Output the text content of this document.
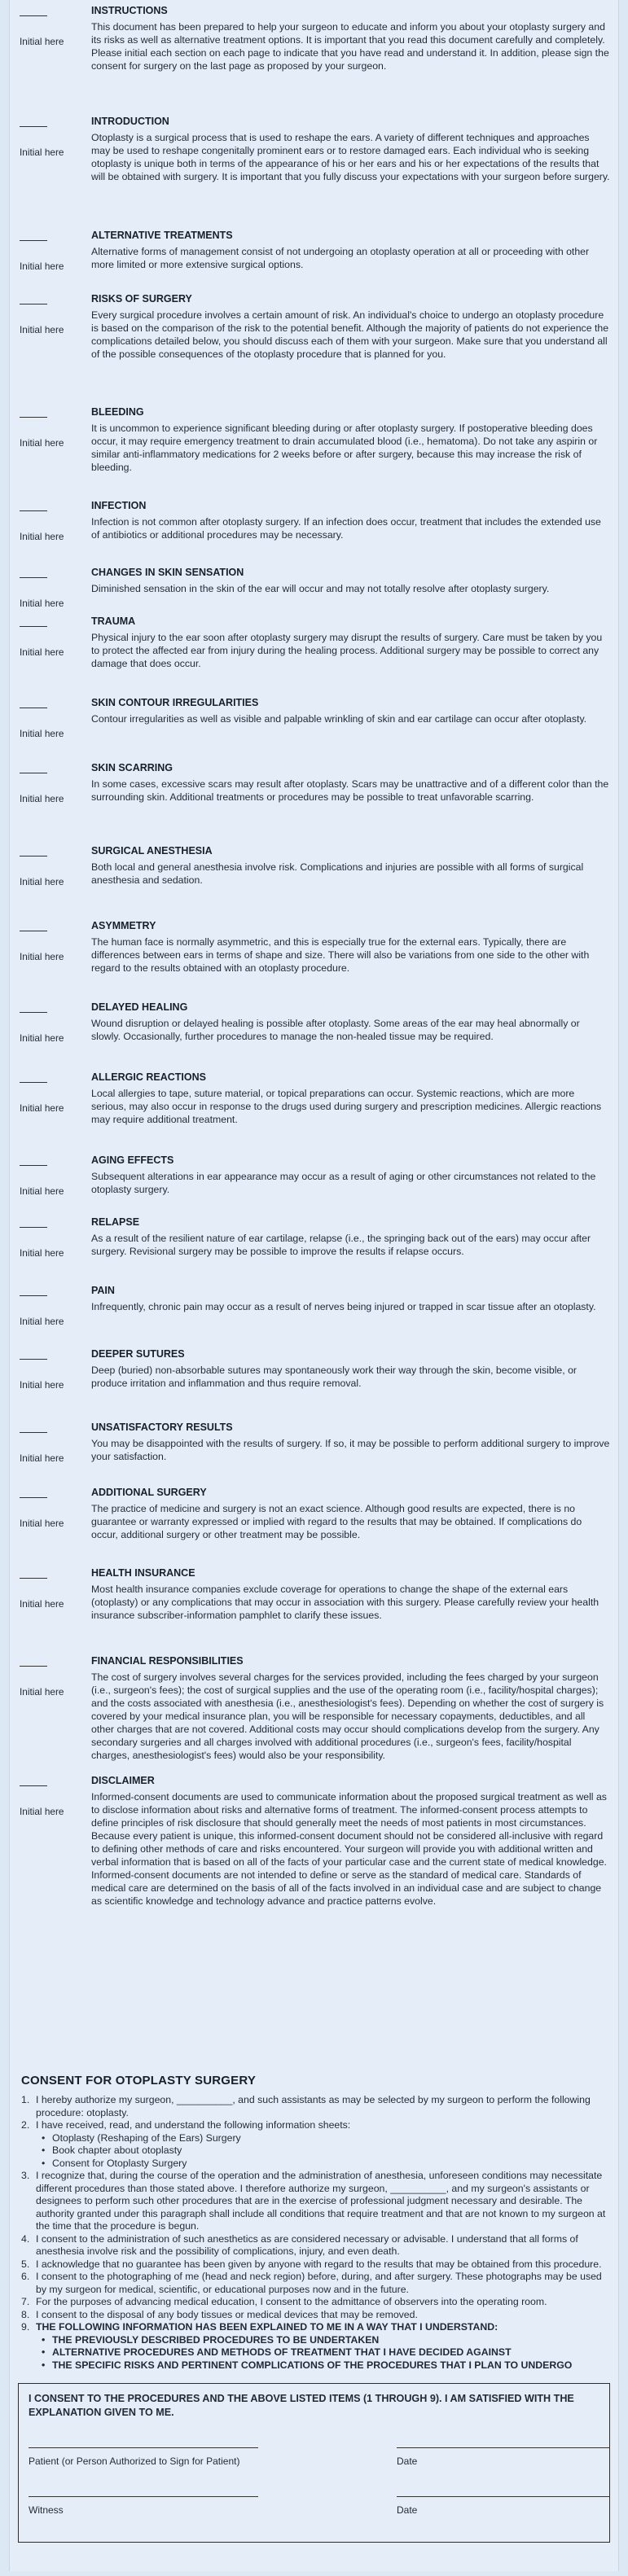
INSTRUCTIONS
Initial here
This document has been prepared to help your surgeon to educate and inform you about your otoplasty surgery and its risks as well as alternative treatment options. It is important that you read this document carefully and completely. Please initial each section on each page to indicate that you have read and understand it. In addition, please sign the consent for surgery on the last page as proposed by your surgeon.
INTRODUCTION
Initial here
Otoplasty is a surgical process that is used to reshape the ears. A variety of different techniques and approaches may be used to reshape congenitally prominent ears or to restore damaged ears. Each individual who is seeking otoplasty is unique both in terms of the appearance of his or her ears and his or her expectations of the results that will be obtained with surgery. It is important that you fully discuss your expectations with your surgeon before surgery.
ALTERNATIVE TREATMENTS
Initial here
Alternative forms of management consist of not undergoing an otoplasty operation at all or proceeding with other more limited or more extensive surgical options.
RISKS OF SURGERY
Initial here
Every surgical procedure involves a certain amount of risk. An individual's choice to undergo an otoplasty procedure is based on the comparison of the risk to the potential benefit. Although the majority of patients do not experience the complications detailed below, you should discuss each of them with your surgeon. Make sure that you understand all of the possible consequences of the otoplasty procedure that is planned for you.
BLEEDING
Initial here
It is uncommon to experience significant bleeding during or after otoplasty surgery. If postoperative bleeding does occur, it may require emergency treatment to drain accumulated blood (i.e., hematoma). Do not take any aspirin or similar anti-inflammatory medications for 2 weeks before or after surgery, because this may increase the risk of bleeding.
INFECTION
Initial here
Infection is not common after otoplasty surgery. If an infection does occur, treatment that includes the extended use of antibiotics or additional procedures may be necessary.
CHANGES IN SKIN SENSATION
Initial here
Diminished sensation in the skin of the ear will occur and may not totally resolve after otoplasty surgery.
TRAUMA
Initial here
Physical injury to the ear soon after otoplasty surgery may disrupt the results of surgery. Care must be taken by you to protect the affected ear from injury during the healing process. Additional surgery may be possible to correct any damage that does occur.
SKIN CONTOUR IRREGULARITIES
Initial here
Contour irregularities as well as visible and palpable wrinkling of skin and ear cartilage can occur after otoplasty.
SKIN SCARRING
Initial here
In some cases, excessive scars may result after otoplasty. Scars may be unattractive and of a different color than the surrounding skin. Additional treatments or procedures may be possible to treat unfavorable scarring.
SURGICAL ANESTHESIA
Initial here
Both local and general anesthesia involve risk. Complications and injuries are possible with all forms of surgical anesthesia and sedation.
ASYMMETRY
Initial here
The human face is normally asymmetric, and this is especially true for the external ears. Typically, there are differences between ears in terms of shape and size. There will also be variations from one side to the other with regard to the results obtained with an otoplasty procedure.
DELAYED HEALING
Initial here
Wound disruption or delayed healing is possible after otoplasty. Some areas of the ear may heal abnormally or slowly. Occasionally, further procedures to manage the non-healed tissue may be required.
ALLERGIC REACTIONS
Initial here
Local allergies to tape, suture material, or topical preparations can occur. Systemic reactions, which are more serious, may also occur in response to the drugs used during surgery and prescription medicines. Allergic reactions may require additional treatment.
AGING EFFECTS
Initial here
Subsequent alterations in ear appearance may occur as a result of aging or other circumstances not related to the otoplasty surgery.
RELAPSE
Initial here
As a result of the resilient nature of ear cartilage, relapse (i.e., the springing back out of the ears) may occur after surgery. Revisional surgery may be possible to improve the results if relapse occurs.
PAIN
Initial here
Infrequently, chronic pain may occur as a result of nerves being injured or trapped in scar tissue after an otoplasty.
DEEPER SUTURES
Initial here
Deep (buried) non-absorbable sutures may spontaneously work their way through the skin, become visible, or produce irritation and inflammation and thus require removal.
UNSATISFACTORY RESULTS
Initial here
You may be disappointed with the results of surgery. If so, it may be possible to perform additional surgery to improve your satisfaction.
ADDITIONAL SURGERY
Initial here
The practice of medicine and surgery is not an exact science. Although good results are expected, there is no guarantee or warranty expressed or implied with regard to the results that may be obtained. If complications do occur, additional surgery or other treatment may be possible.
HEALTH INSURANCE
Initial here
Most health insurance companies exclude coverage for operations to change the shape of the external ears (otoplasty) or any complications that may occur in association with this surgery. Please carefully review your health insurance subscriber-information pamphlet to clarify these issues.
FINANCIAL RESPONSIBILITIES
Initial here
The cost of surgery involves several charges for the services provided, including the fees charged by your surgeon (i.e., surgeon's fees); the cost of surgical supplies and the use of the operating room (i.e., facility/hospital charges); and the costs associated with anesthesia (i.e., anesthesiologist's fees). Depending on whether the cost of surgery is covered by your medical insurance plan, you will be responsible for necessary copayments, deductibles, and all other charges that are not covered. Additional costs may occur should complications develop from the surgery. Any secondary surgeries and all charges involved with additional procedures (i.e., surgeon's fees, facility/hospital charges, anesthesiologist's fees) would also be your responsibility.
DISCLAIMER
Initial here
Informed-consent documents are used to communicate information about the proposed surgical treatment as well as to disclose information about risks and alternative forms of treatment. The informed-consent process attempts to define principles of risk disclosure that should generally meet the needs of most patients in most circumstances.
Because every patient is unique, this informed-consent document should not be considered all-inclusive with regard to defining other methods of care and risks encountered. Your surgeon will provide you with additional written and verbal information that is based on all of the facts of your particular case and the current state of medical knowledge.
Informed-consent documents are not intended to define or serve as the standard of medical care. Standards of medical care are determined on the basis of all of the facts involved in an individual case and are subject to change as scientific knowledge and technology advance and practice patterns evolve.
CONSENT FOR OTOPLASTY SURGERY
1. I hereby authorize my surgeon, __________, and such assistants as may be selected by my surgeon to perform the following procedure: otoplasty.
2. I have received, read, and understand the following information sheets:
• Otoplasty (Reshaping of the Ears) Surgery
• Book chapter about otoplasty
• Consent for Otoplasty Surgery
3. I recognize that, during the course of the operation and the administration of anesthesia, unforeseen conditions may necessitate different procedures than those stated above. I therefore authorize my surgeon, __________, and my surgeon's assistants or designees to perform such other procedures that are in the exercise of professional judgment necessary and desirable. The authority granted under this paragraph shall include all conditions that require treatment and that are not known to my surgeon at the time that the procedure is begun.
4. I consent to the administration of such anesthetics as are considered necessary or advisable. I understand that all forms of anesthesia involve risk and the possibility of complications, injury, and even death.
5. I acknowledge that no guarantee has been given by anyone with regard to the results that may be obtained from this procedure.
6. I consent to the photographing of me (head and neck region) before, during, and after surgery. These photographs may be used by my surgeon for medical, scientific, or educational purposes now and in the future.
7. For the purposes of advancing medical education, I consent to the admittance of observers into the operating room.
8. I consent to the disposal of any body tissues or medical devices that may be removed.
9. THE FOLLOWING INFORMATION HAS BEEN EXPLAINED TO ME IN A WAY THAT I UNDERSTAND:
• THE PREVIOUSLY DESCRIBED PROCEDURES TO BE UNDERTAKEN
• ALTERNATIVE PROCEDURES AND METHODS OF TREATMENT THAT I HAVE DECIDED AGAINST
• THE SPECIFIC RISKS AND PERTINENT COMPLICATIONS OF THE PROCEDURES THAT I PLAN TO UNDERGO
I CONSENT TO THE PROCEDURES AND THE ABOVE LISTED ITEMS (1 THROUGH 9). I AM SATISFIED WITH THE EXPLANATION GIVEN TO ME.
Patient (or Person Authorized to Sign for Patient)	Date
Witness	Date
